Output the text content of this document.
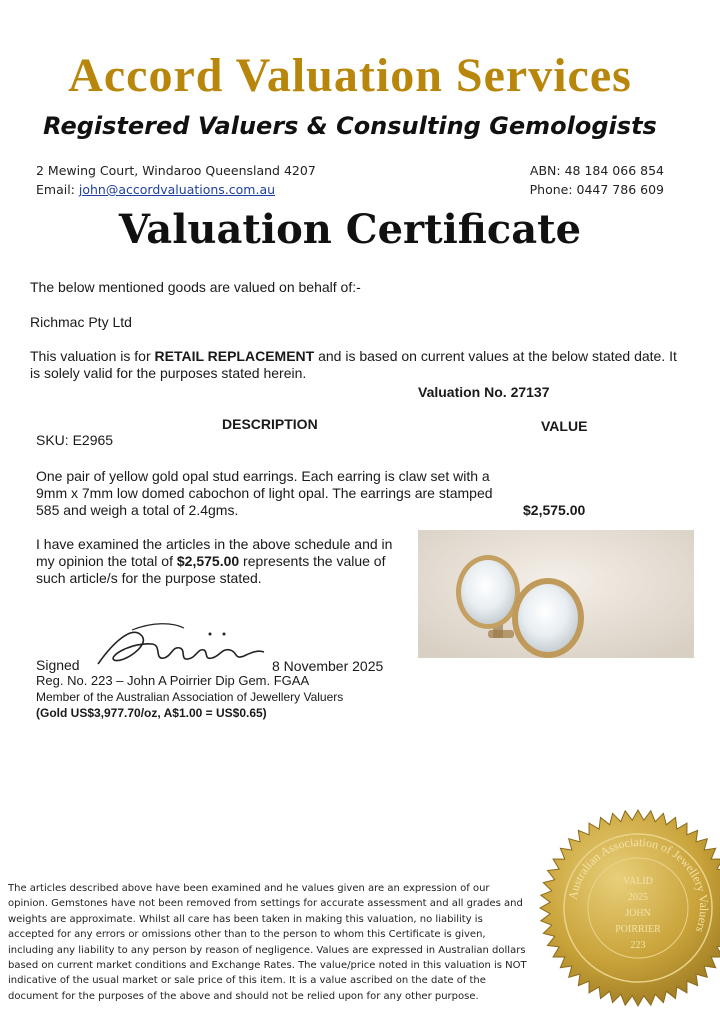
Accord Valuation Services
Registered Valuers & Consulting Gemologists
2 Mewing Court, Windaroo Queensland 4207
Email: john@accordvaluations.com.au
ABN: 48 184 066 854
Phone: 0447 786 609
Valuation Certificate
The below mentioned goods are valued on behalf of:-
Richmac Pty Ltd
This valuation is for RETAIL REPLACEMENT and is based on current values at the below stated date. It is solely valid for the purposes stated herein.
Valuation No. 27137
DESCRIPTION	VALUE
SKU: E2965
One pair of yellow gold opal stud earrings. Each earring is claw set with a 9mm x 7mm low domed cabochon of light opal. The earrings are stamped 585 and weigh a total of 2.4gms.	$2,575.00
I have examined the articles in the above schedule and in my opinion the total of $2,575.00 represents the value of such article/s for the purpose stated.
Signed	8 November 2025
Reg. No. 223 – John A Poirrier Dip Gem. FGAA
Member of the Australian Association of Jewellery Valuers
(Gold US$3,977.70/oz, A$1.00 = US$0.65)
The articles described above have been examined and he values given are an expression of our opinion. Gemstones have not been removed from settings for accurate assessment and all grades and weights are approximate. Whilst all care has been taken in making this valuation, no liability is accepted for any errors or omissions other than to the person to whom this Certificate is given, including any liability to any person by reason of negligence. Values are expressed in Australian dollars based on current market conditions and Exchange Rates. The value/price noted in this valuation is NOT indicative of the usual market or sale price of this item. It is a value ascribed on the date of the document for the purposes of the above and should not be relied upon for any other purpose.
Australian Association of Jewellery Valuers
VALID
2025
JOHN
POIRRIER
223
